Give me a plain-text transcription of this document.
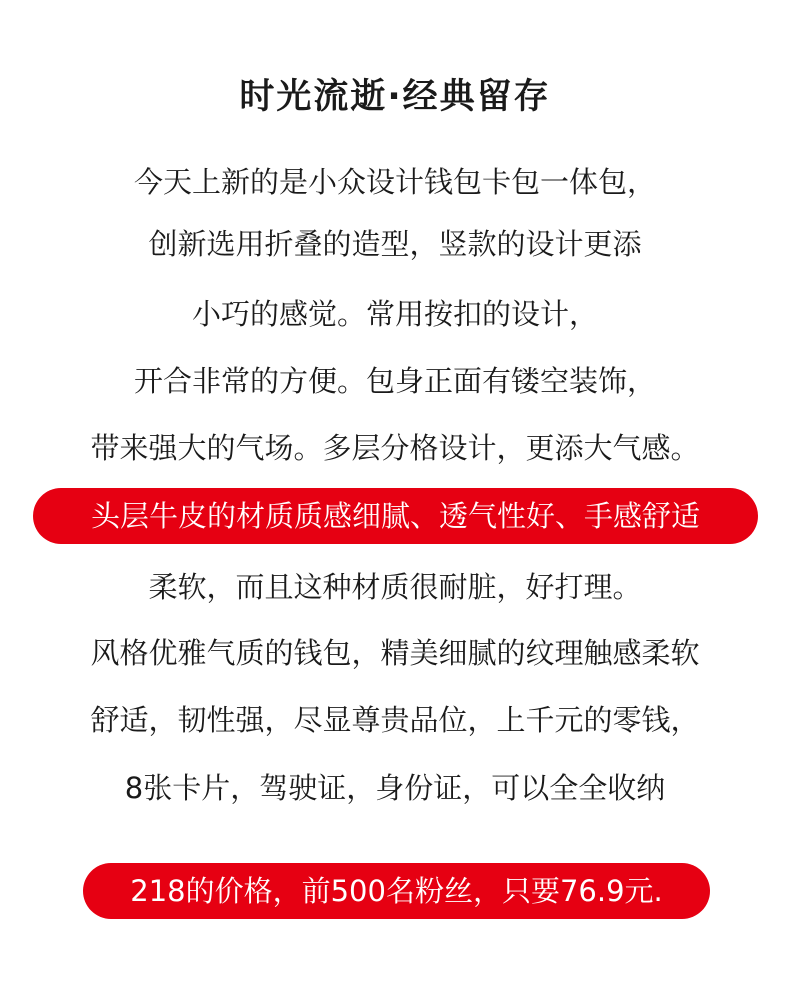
时光流逝·经典留存
今天上新的是小众设计钱包卡包一体包，
创新选用折叠的造型，竖款的设计更添
小巧的感觉。常用按扣的设计，
开合非常的方便。包身正面有镂空装饰，
带来强大的气场。多层分格设计，更添大气感。
头层牛皮的材质质感细腻、透气性好、手感舒适
柔软，而且这种材质很耐脏，好打理。
风格优雅气质的钱包，精美细腻的纹理触感柔软
舒适，韧性强，尽显尊贵品位，上千元的零钱，
8张卡片，驾驶证，身份证，可以全全收纳
218的价格，前500名粉丝，只要76.9元.
